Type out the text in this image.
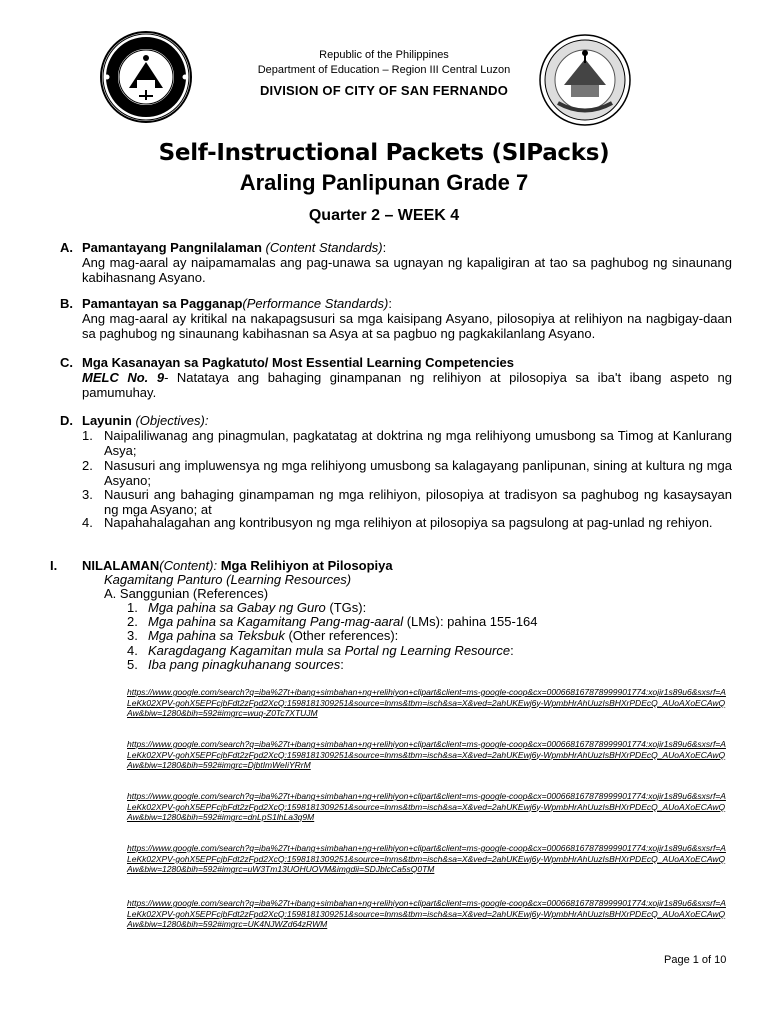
Republic of the Philippines
Department of Education – Region III Central Luzon
DIVISION OF CITY OF SAN FERNANDO
Self-Instructional Packets (SIPacks)
Araling Panlipunan Grade 7
Quarter 2 – WEEK 4
A. Pamantayang Pangnilalaman (Content Standards):
Ang mag-aaral ay naipamamalas ang pag-unawa sa ugnayan ng kapaligiran at tao sa paghubog ng sinaunang kabihasnang Asyano.
B. Pamantayan sa Pagganap(Performance Standards):
Ang mag-aaral ay kritikal na nakapagsusuri sa mga kaisipang Asyano, pilosopiya at relihiyon na nagbigay-daan sa paghubog ng sinaunang kabihasnan sa Asya at sa pagbuo ng pagkakilanlang Asyano.
C. Mga Kasanayan sa Pagkatuto/ Most Essential Learning Competencies
MELC No. 9- Natataya ang bahaging ginampanan ng relihiyon at pilosopiya sa iba't ibang aspeto ng pamumuhay.
D. Layunin (Objectives):
1. Naipaliliwanag ang pinagmulan, pagkatatag at doktrina ng mga relihiyong umusbong sa Timog at Kanlurang Asya;
2. Nasusuri ang impluwensya ng mga relihiyong umusbong sa kalagayang panlipunan, sining at kultura ng mga Asyano;
3. Nausuri ang bahaging ginampaman ng mga relihiyon, pilosopiya at tradisyon sa paghubog ng kasaysayan ng mga Asyano; at
4. Napahahalagahan ang kontribusyon ng mga relihiyon at pilosopiya sa pagsulong at pag-unlad ng rehiyon.
I. NILALAMAN(Content): Mga Relihiyon at Pilosopiya
Kagamitang Panturo (Learning Resources)
A. Sanggunian (References)
1. Mga pahina sa Gabay ng Guro (TGs):
2. Mga pahina sa Kagamitang Pang-mag-aaral (LMs): pahina 155-164
3. Mga pahina sa Teksbuk (Other references):
4. Karagdagang Kagamitan mula sa Portal ng Learning Resource:
5. Iba pang pinagkuhanang sources:
https://www.google.com/search?q=iba%27t+ibang+simbahan+ng+relihiyon+clipart&client=ms-google-coop&cx=000668167878999901774:xojir1s89u6&sxsrf=ALeKk02XPV-gohX5EPFcjbFdt2zFpd2XcQ:1598181309251&source=lnms&tbm=isch&sa=X&ved=2ahUKEwj6y-WpmbHrAhUuzIsBHXrPDEcQ_AUoAXoECAwQAw&biw=1280&bih=592#imgrc=wuq-Z0Tc7XTUJM
https://www.google.com/search?q=iba%27t+ibang+simbahan+ng+relihiyon+clipart&client=ms-google-coop&cx=000668167878999901774:xojir1s89u6&sxsrf=ALeKk02XPV-gohX5EPFcjbFdt2zFpd2XcQ:1598181309251&source=lnms&tbm=isch&sa=X&ved=2ahUKEwj6y-WpmbHrAhUuzIsBHXrPDEcQ_AUoAXoECAwQAw&biw=1280&bih=592#imgrc=DjbtImWeIiYRrM
https://www.google.com/search?q=iba%27t+ibang+simbahan+ng+relihiyon+clipart&client=ms-google-coop&cx=000668167878999901774:xojir1s89u6&sxsrf=ALeKk02XPV-gohX5EPFcjbFdt2zFpd2XcQ:1598181309251&source=lnms&tbm=isch&sa=X&ved=2ahUKEwj6y-WpmbHrAhUuzIsBHXrPDEcQ_AUoAXoECAwQAw&biw=1280&bih=592#imgrc=dnLpS1lhLa3q9M
https://www.google.com/search?q=iba%27t+ibang+simbahan+ng+relihiyon+clipart&client=ms-google-coop&cx=000668167878999901774:xojir1s89u6&sxsrf=ALeKk02XPV-gohX5EPFcjbFdt2zFpd2XcQ:1598181309251&source=lnms&tbm=isch&sa=X&ved=2ahUKEwj6y-WpmbHrAhUuzIsBHXrPDEcQ_AUoAXoECAwQAw&biw=1280&bih=592#imgrc=uW3Tm13UOHUOVM&imgdii=SDJblcCa5sQ0TM
https://www.google.com/search?q=iba%27t+ibang+simbahan+ng+relihiyon+clipart&client=ms-google-coop&cx=000668167878999901774:xojir1s89u6&sxsrf=ALeKk02XPV-gohX5EPFcjbFdt2zFpd2XcQ:1598181309251&source=lnms&tbm=isch&sa=X&ved=2ahUKEwj6y-WpmbHrAhUuzIsBHXrPDEcQ_AUoAXoECAwQAw&biw=1280&bih=592#imgrc=UK4NJWZd64zRWM
Page 1 of 10
